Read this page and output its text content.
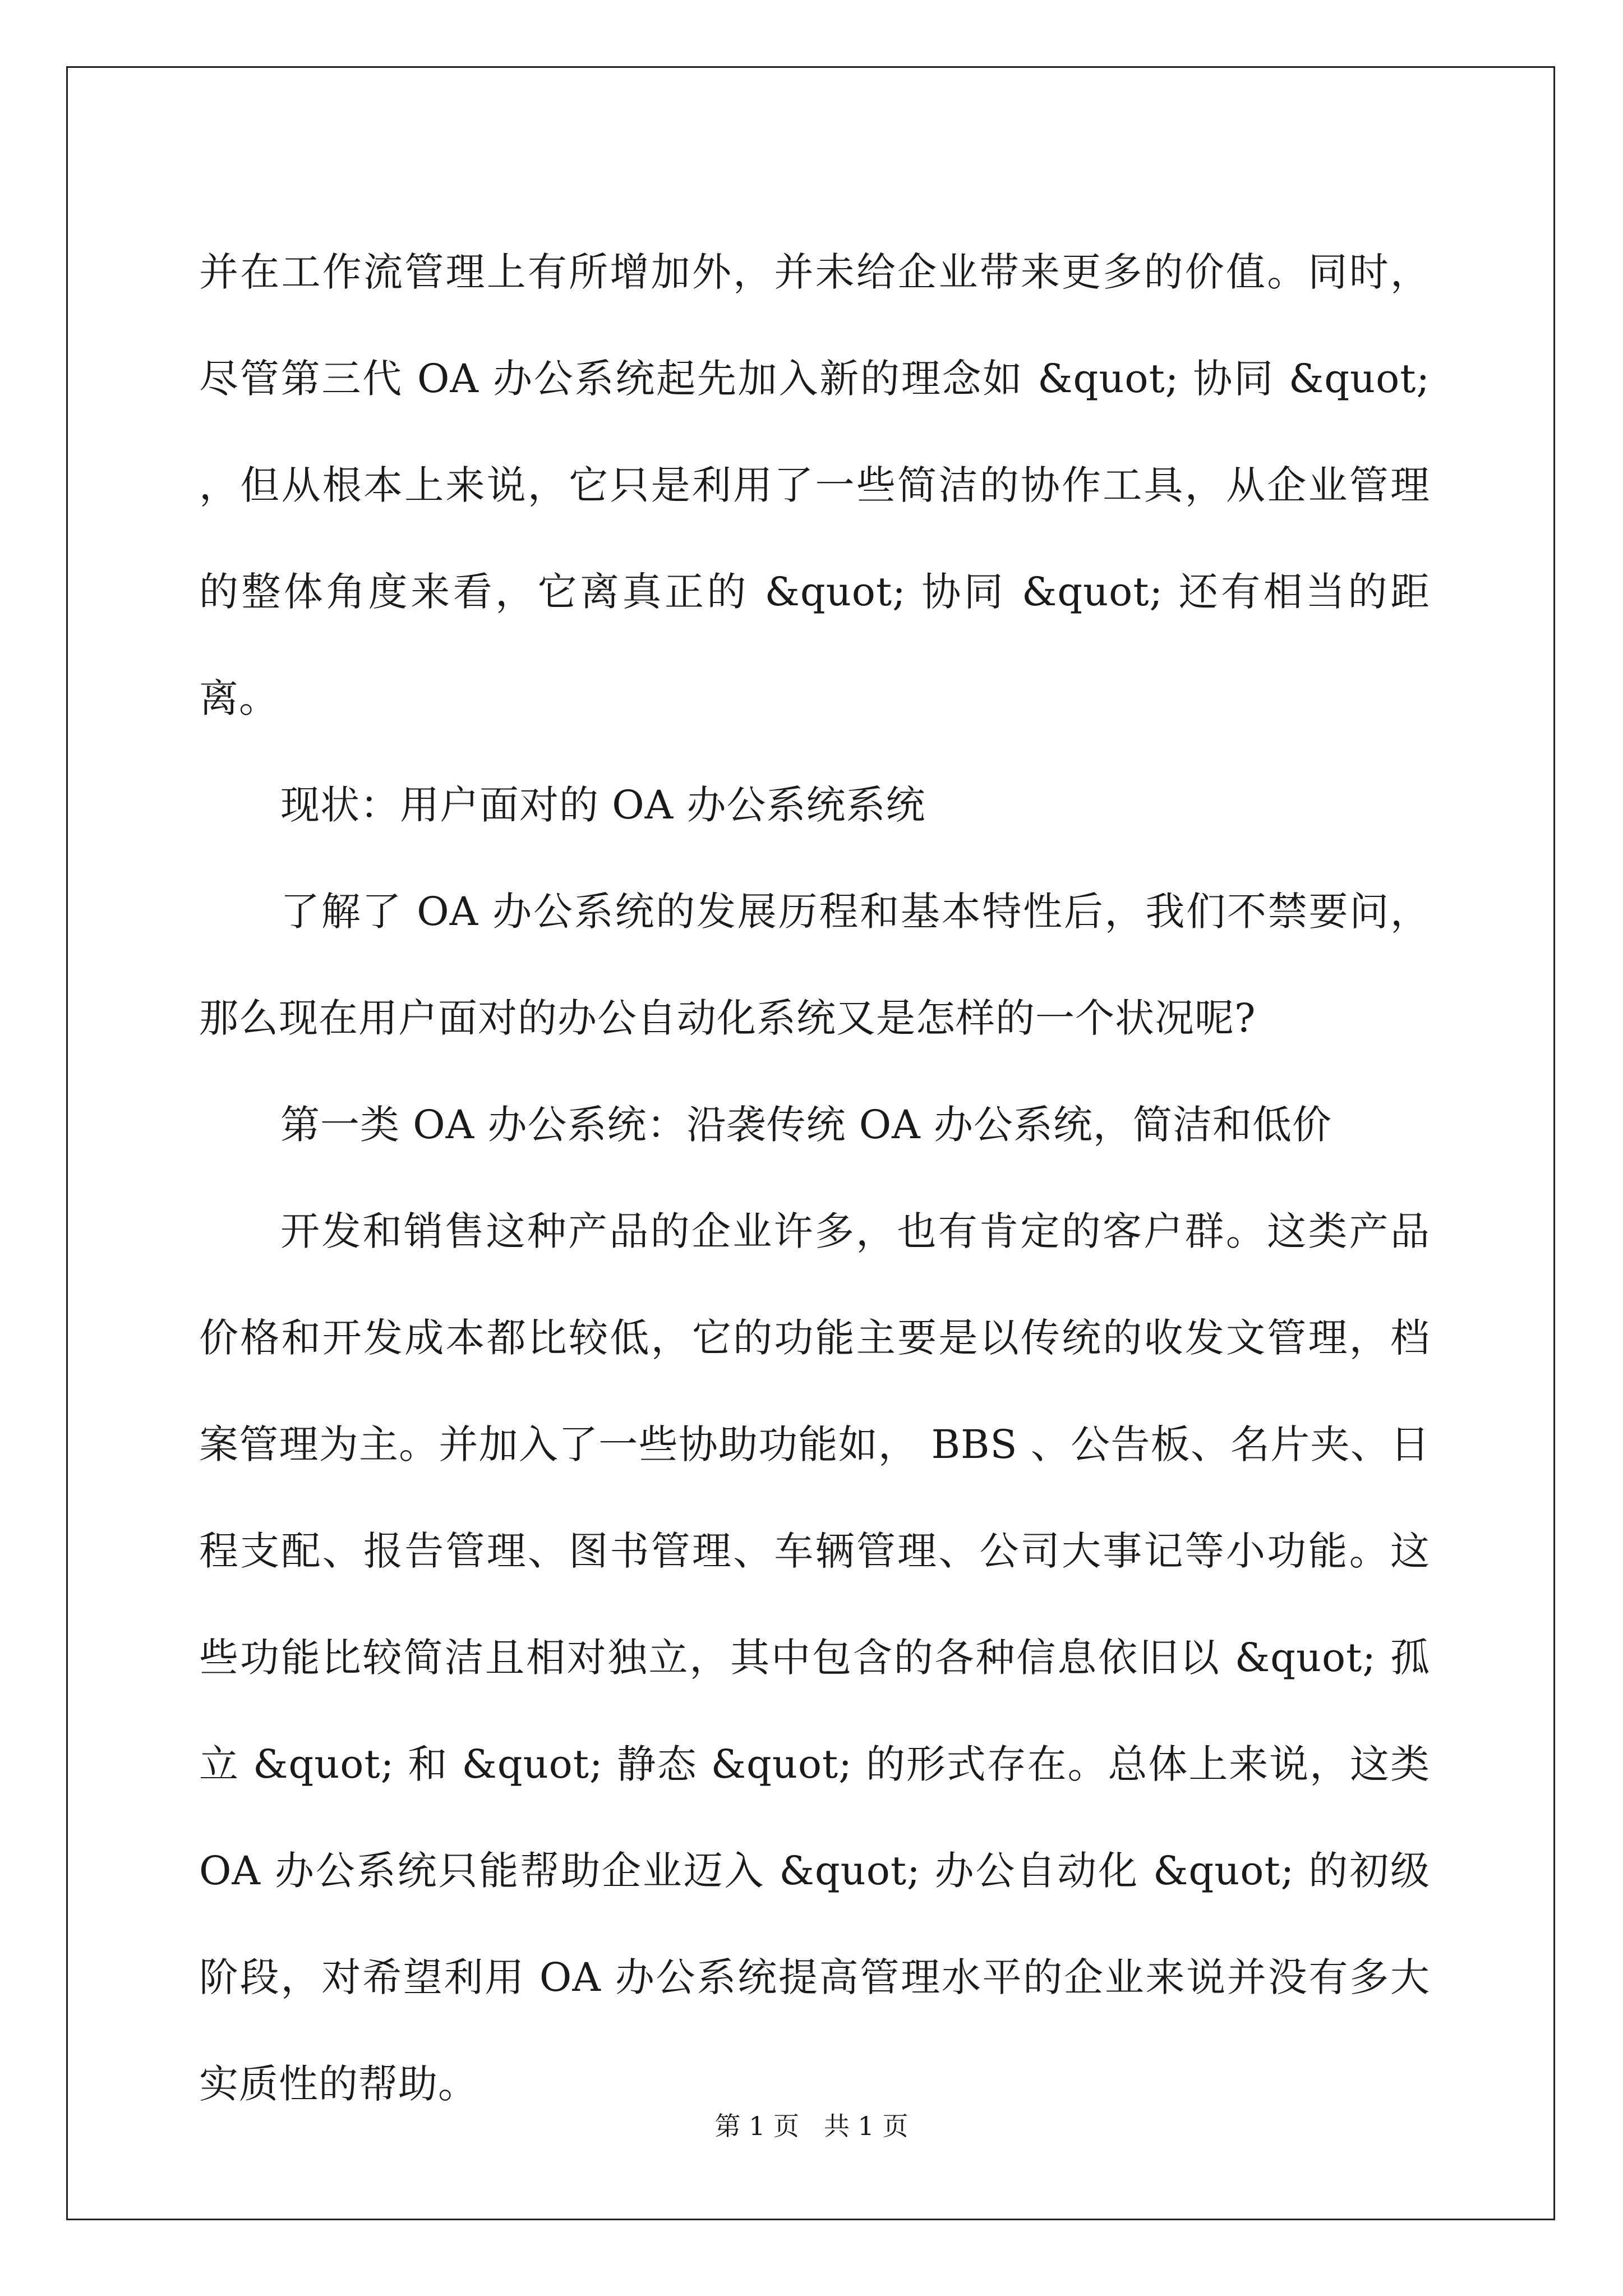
并在工作流管理上有所增加外，并未给企业带来更多的价值。同时，尽管第三代 OA 办公系统起先加入新的理念如 &quot; 协同 &quot; ，但从根本上来说，它只是利用了一些简洁的协作工具，从企业管理的整体角度来看，它离真正的 &quot; 协同 &quot; 还有相当的距离。

现状：用户面对的 OA 办公系统系统

了解了 OA 办公系统的发展历程和基本特性后，我们不禁要问，那么现在用户面对的办公自动化系统又是怎样的一个状况呢?

第一类 OA 办公系统：沿袭传统 OA 办公系统，简洁和低价

开发和销售这种产品的企业许多，也有肯定的客户群。这类产品价格和开发成本都比较低，它的功能主要是以传统的收发文管理，档案管理为主。并加入了一些协助功能如， BBS 、公告板、名片夹、日程支配、报告管理、图书管理、车辆管理、公司大事记等小功能。这些功能比较简洁且相对独立，其中包含的各种信息依旧以 &quot; 孤立 &quot; 和 &quot; 静态 &quot; 的形式存在。总体上来说，这类 OA 办公系统只能帮助企业迈入 &quot; 办公自动化 &quot; 的初级阶段，对希望利用 OA 办公系统提高管理水平的企业来说并没有多大实质性的帮助。

第 1 页 共 1 页
